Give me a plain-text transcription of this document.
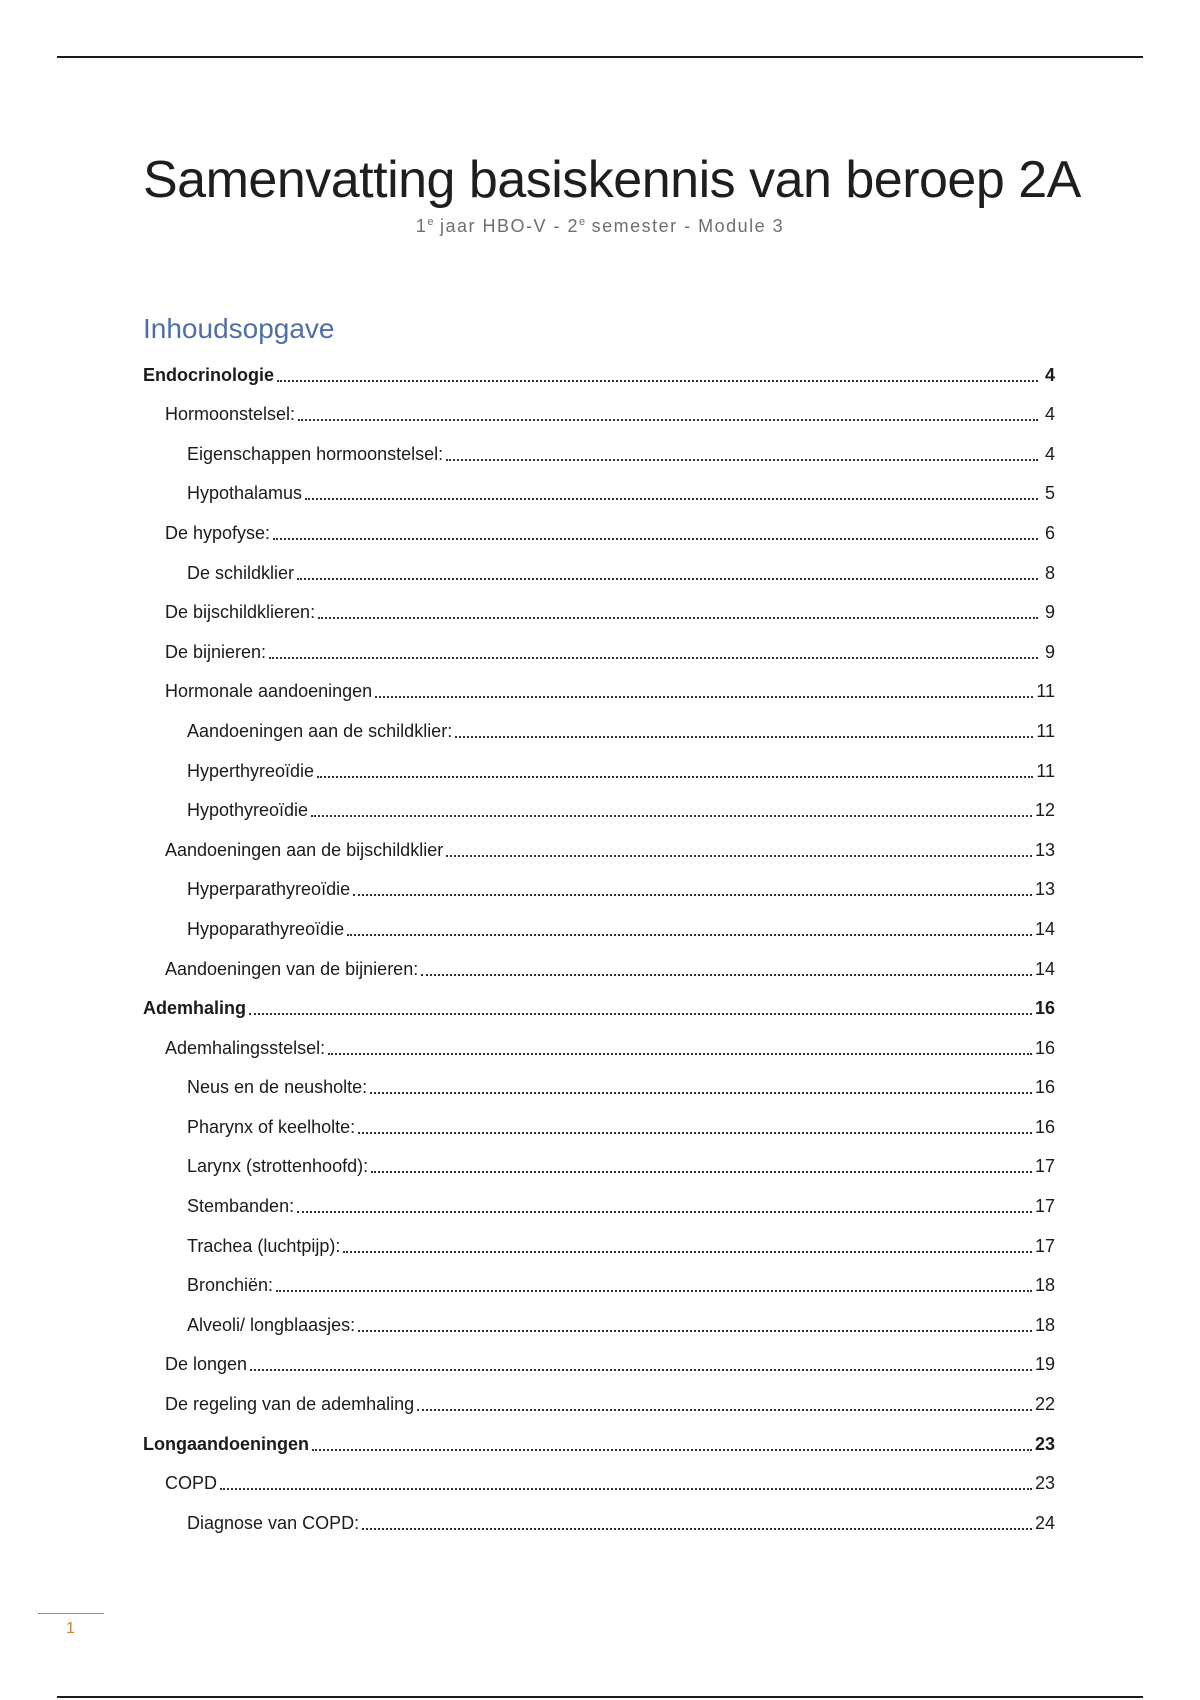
Samenvatting basiskennis van beroep 2A
1e jaar HBO-V - 2e semester - Module 3
Inhoudsopgave
Endocrinologie	4
Hormoonstelsel:	4
Eigenschappen hormoonstelsel:	4
Hypothalamus	5
De hypofyse:	6
De schildklier	8
De bijschildklieren:	9
De bijnieren:	9
Hormonale aandoeningen	11
Aandoeningen aan de schildklier:	11
Hyperthyreoïdie	11
Hypothyreoïdie	12
Aandoeningen aan de bijschildklier	13
Hyperparathyreoïdie	13
Hypoparathyreoïdie	14
Aandoeningen van de bijnieren:	14
Ademhaling	16
Ademhalingsstelsel:	16
Neus en de neusholte:	16
Pharynx of keelholte:	16
Larynx (strottenhoofd):	17
Stembanden:	17
Trachea (luchtpijp):	17
Bronchiën:	18
Alveoli/ longblaasjes:	18
De longen	19
De regeling van de ademhaling	22
Longaandoeningen	23
COPD	23
Diagnose van COPD:	24
1
